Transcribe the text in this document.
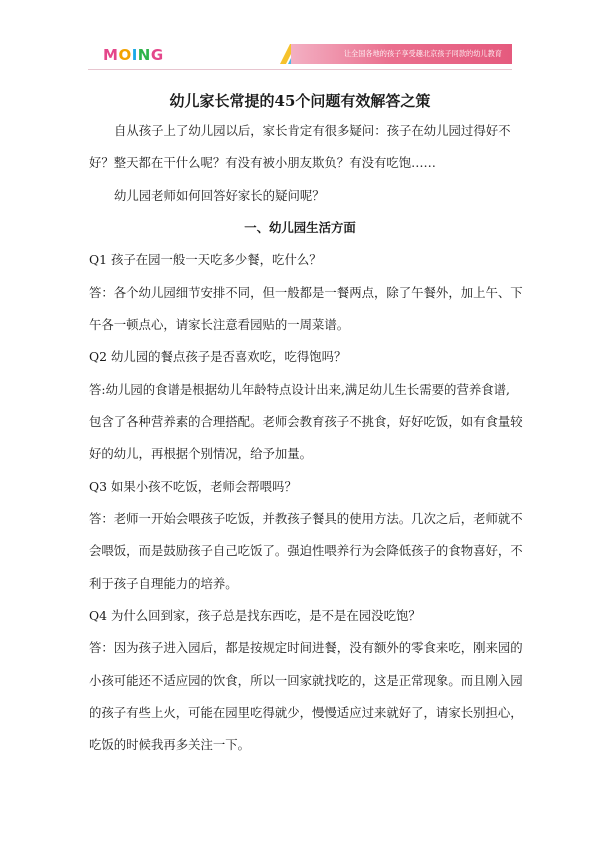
M O I N G	让全国各地的孩子享受趣北京孩子同款的幼儿教育
幼儿家长常提的45个问题有效解答之策
自从孩子上了幼儿园以后，家长肯定有很多疑问：孩子在幼儿园过得好不
好？整天都在干什么呢？有没有被小朋友欺负？有没有吃饱……
幼儿园老师如何回答好家长的疑问呢？
一、幼儿园生活方面
Q1 孩子在园一般一天吃多少餐，吃什么？
答：各个幼儿园细节安排不同，但一般都是一餐两点，除了午餐外，加上午、下
午各一顿点心，请家长注意看园贴的一周菜谱。
Q2 幼儿园的餐点孩子是否喜欢吃，吃得饱吗？
答:幼儿园的食谱是根据幼儿年龄特点设计出来,满足幼儿生长需要的营养食谱,
包含了各种营养素的合理搭配。老师会教育孩子不挑食，好好吃饭，如有食量较
好的幼儿，再根据个别情况，给予加量。
Q3 如果小孩不吃饭，老师会帮喂吗？
答：老师一开始会喂孩子吃饭，并教孩子餐具的使用方法。几次之后，老师就不
会喂饭，而是鼓励孩子自己吃饭了。强迫性喂养行为会降低孩子的食物喜好，不
利于孩子自理能力的培养。
Q4 为什么回到家，孩子总是找东西吃，是不是在园没吃饱？
答：因为孩子进入园后，都是按规定时间进餐，没有额外的零食来吃，刚来园的
小孩可能还不适应园的饮食，所以一回家就找吃的，这是正常现象。而且刚入园
的孩子有些上火，可能在园里吃得就少，慢慢适应过来就好了，请家长别担心，
吃饭的时候我再多关注一下。
